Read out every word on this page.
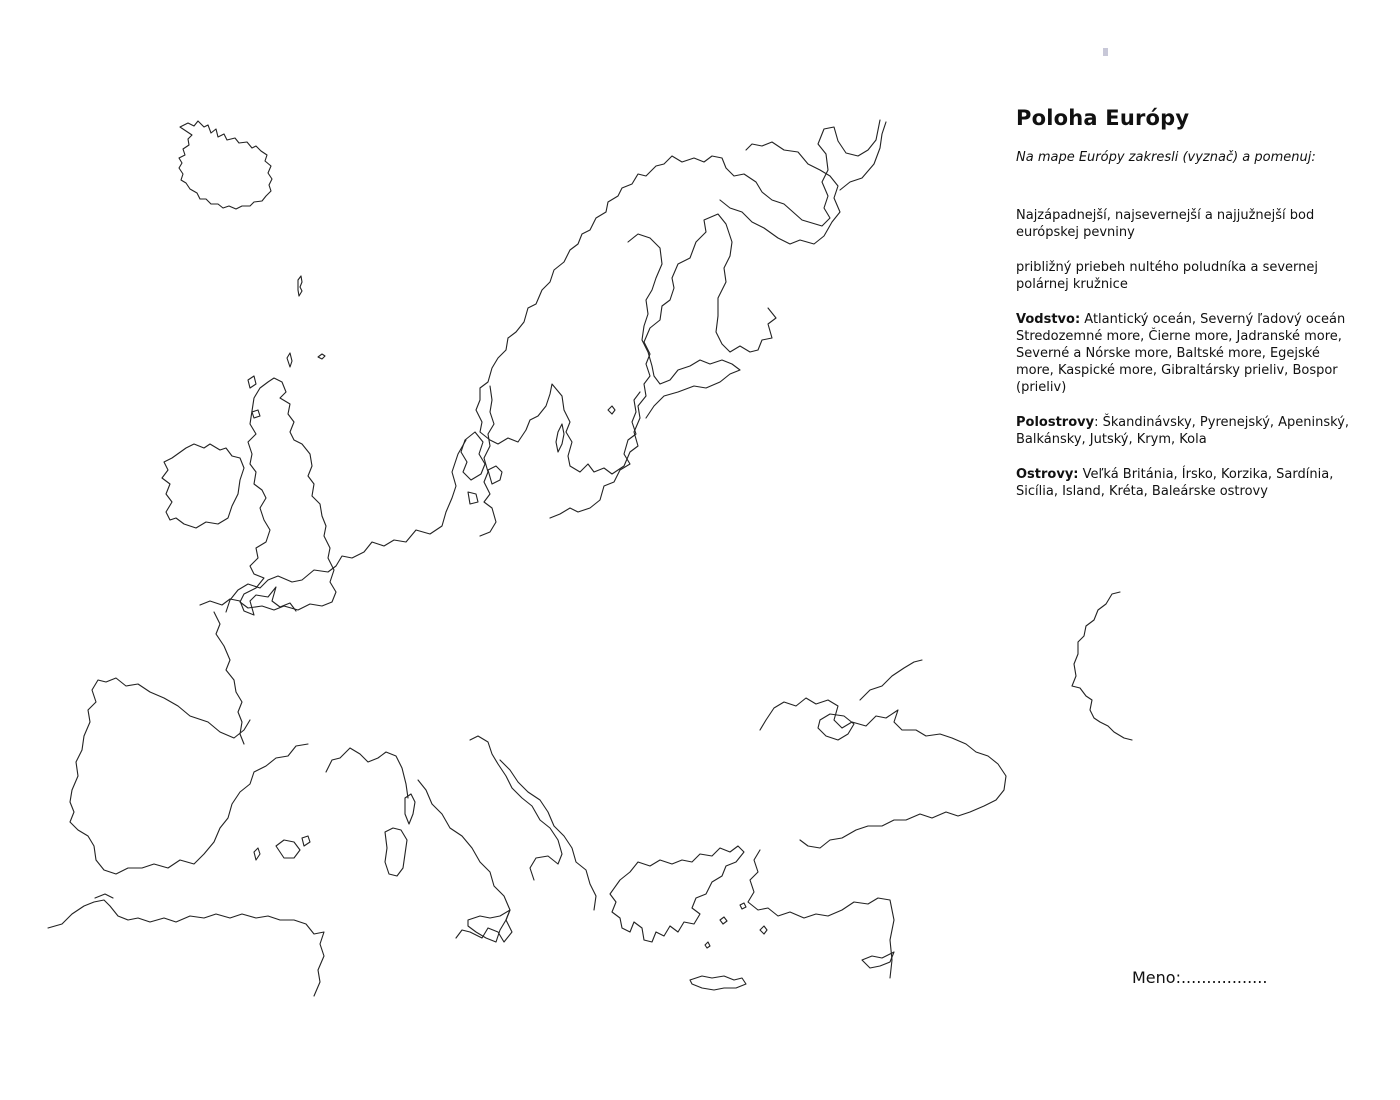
Poloha Európy
Na mape Európy zakresli (vyznač) a pomenuj:
Najzápadnejší, najsevernejší a najjužnejší bod európskej pevniny
približný priebeh nultého poludníka a severnej polárnej kružnice
Vodstvo: Atlantický oceán, Severný ľadový oceán Stredozemné more, Čierne more, Jadranské more, Severné a Nórske more, Baltské more, Egejské more, Kaspické more, Gibraltársky prieliv, Bospor (prieliv)
Polostrovy: Škandinávsky, Pyrenejský, Apeninský, Balkánsky, Jutský, Krym, Kola
Ostrovy: Veľká Británia, Írsko, Korzika, Sardínia, Sicília, Island, Kréta, Baleárske ostrovy
Meno:.................
